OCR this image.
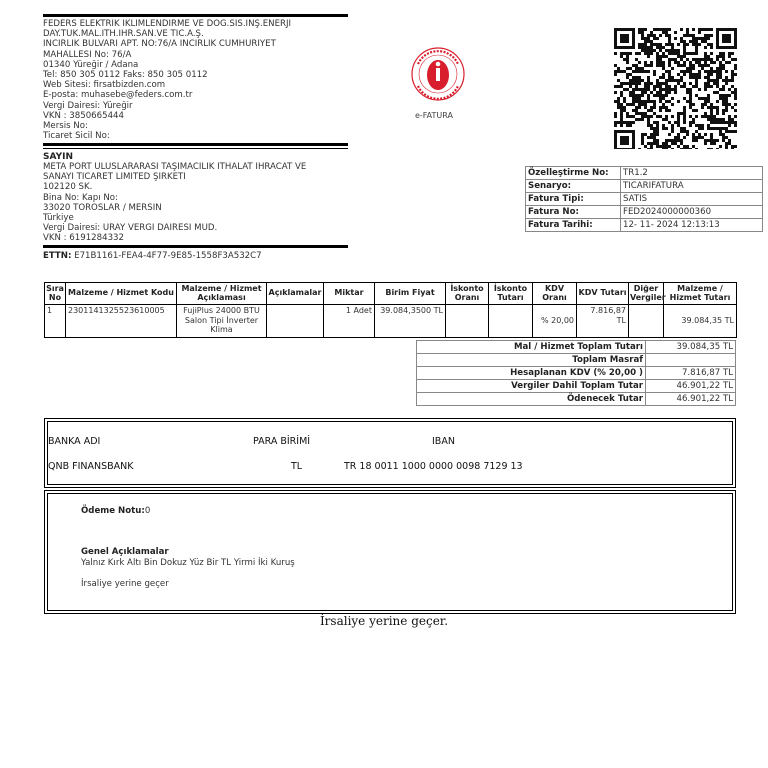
FEDERS ELEKTRİK İKLİMLENDİRME VE DOĞ.SİS.İNŞ.ENERJİ
DAY.TÜK.MAL.İTH.İHR.SAN.VE TİC.A.Ş.
İNCİRLİK BULVARI APT. NO:76/A İNCİRLİK CUMHURİYET
MAHALLESİ No: 76/A
01340 Yüreğir / Adana
Tel: 850 305 0112 Faks: 850 305 0112
Web Sitesi: firsatbizden.com
E-posta: muhasebe@feders.com.tr
Vergi Dairesi: Yüreğir
VKN : 3850665444
Mersis No:
Ticaret Sicil No:
e-FATURA
SAYIN
META PORT ULUSLARARASI TAŞIMACILIK İTHALAT İHRACAT VE
SANAYİ TİCARET LİMİTED ŞİRKETİ
102120 SK.
Bina No: Kapı No:
33020 TOROSLAR / MERSİN
Türkiye
Vergi Dairesi: URAY VERGİ DAİRESİ MÜD.
VKN : 6191284332
ETTN: E71B1161-FEA4-4F77-9E85-1558F3A532C7
Özelleştirme No:	TR1.2
Senaryo:	TICARIFATURA
Fatura Tipi:	SATIS
Fatura No:	FED2024000000360
Fatura Tarihi:	12- 11- 2024 12:13:13
Sıra No	Malzeme / Hizmet Kodu	Malzeme / Hizmet Açıklaması	Açıklamalar	Miktar	Birim Fiyat	İskonto Oranı	İskonto Tutarı	KDV Oranı	KDV Tutarı	Diğer Vergiler	Malzeme / Hizmet Tutarı
1	2301141325523610005	FujiPlus 24000 BTU Salon Tipi İnverter Klima		1 Adet	39.084,3500 TL			% 20,00	7.816,87 TL		39.084,35 TL
Mal / Hizmet Toplam Tutarı	39.084,35 TL
Toplam Masraf	
Hesaplanan KDV (% 20,00 )	7.816,87 TL
Vergiler Dahil Toplam Tutar	46.901,22 TL
Ödenecek Tutar	46.901,22 TL
BANKA ADI	PARA BİRİMİ	IBAN
QNB FINANSBANK	TL	TR 18 0011 1000 0000 0098 7129 13
Ödeme Notu:0
Genel Açıklamalar
Yalnız Kırk Altı Bin Dokuz Yüz Bir TL Yirmi İki Kuruş
İrsaliye yerine geçer
İrsaliye yerine geçer.
